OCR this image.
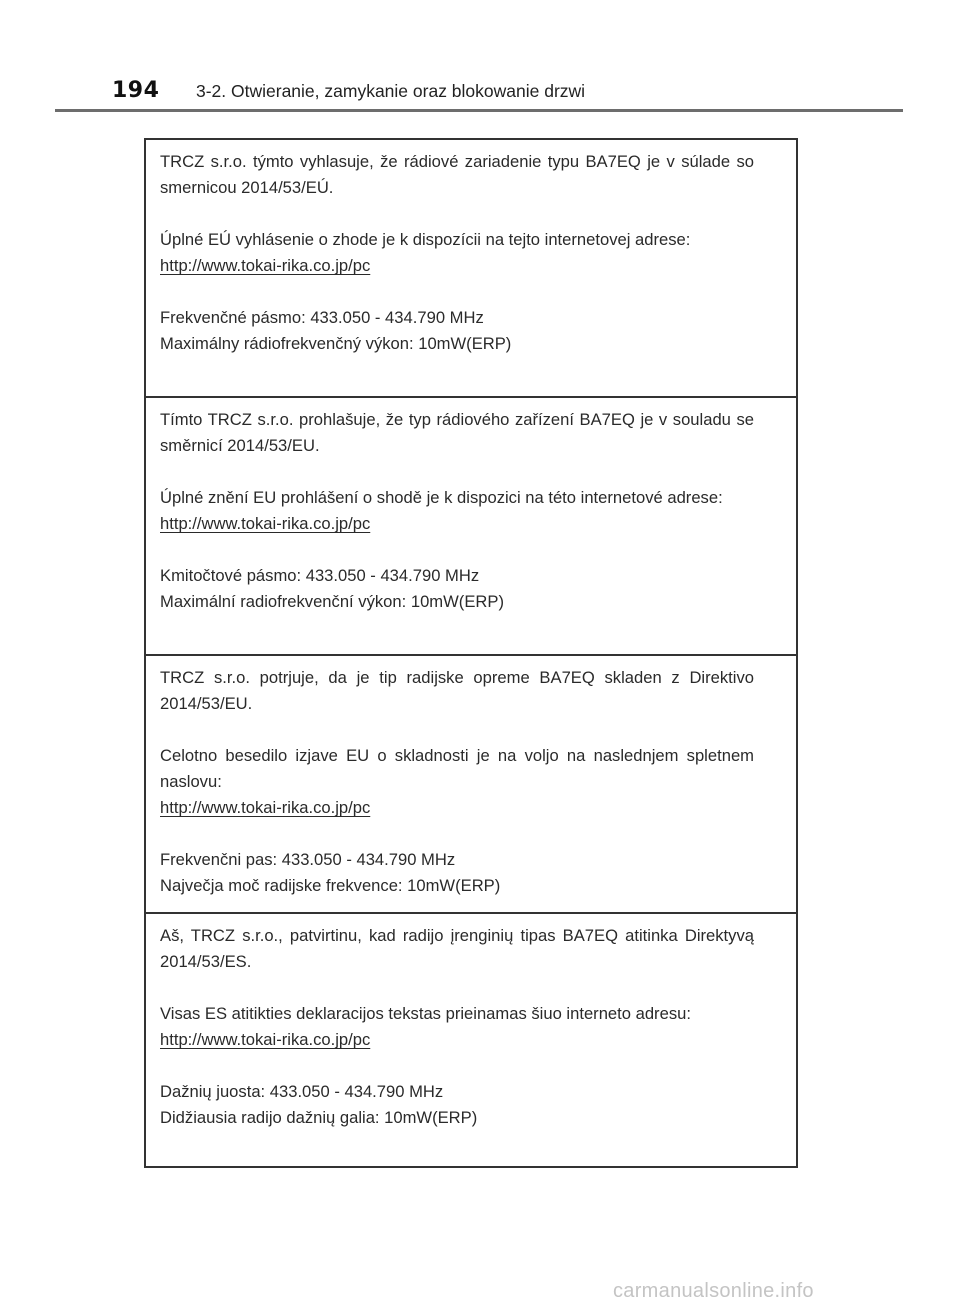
194	3-2. Otwieranie, zamykanie oraz blokowanie drzwi

TRCZ s.r.o. týmto vyhlasuje, že rádiové zariadenie typu BA7EQ je v súlade so smernicou 2014/53/EÚ.

Úplné EÚ vyhlásenie o zhode je k dispozícii na tejto internetovej adrese:

http://www.tokai-rika.co.jp/pc

Frekvenčné pásmo: 433.050 - 434.790 MHz

Maximálny rádiofrekvenčný výkon: 10mW(ERP)

Tímto TRCZ s.r.o. prohlašuje, že typ rádiového zařízení BA7EQ je v souladu se směrnicí 2014/53/EU.

Úplné znění EU prohlášení o shodě je k dispozici na této internetové adrese:

http://www.tokai-rika.co.jp/pc

Kmitočtové pásmo: 433.050 - 434.790 MHz

Maximální radiofrekvenční výkon: 10mW(ERP)

TRCZ s.r.o. potrjuje, da je tip radijske opreme BA7EQ skladen z Direktivo 2014/53/EU.

Celotno besedilo izjave EU o skladnosti je na voljo na naslednjem spletnem naslovu:

http://www.tokai-rika.co.jp/pc

Frekvenčni pas: 433.050 - 434.790 MHz

Največja moč radijske frekvence: 10mW(ERP)

Aš, TRCZ s.r.o., patvirtinu, kad radijo įrenginių tipas BA7EQ atitinka Direktyvą 2014/53/ES.

Visas ES atitikties deklaracijos tekstas prieinamas šiuo interneto adresu:

http://www.tokai-rika.co.jp/pc

Dažnių juosta: 433.050 - 434.790 MHz

Didžiausia radijo dažnių galia: 10mW(ERP)

carmanualsonline.info
